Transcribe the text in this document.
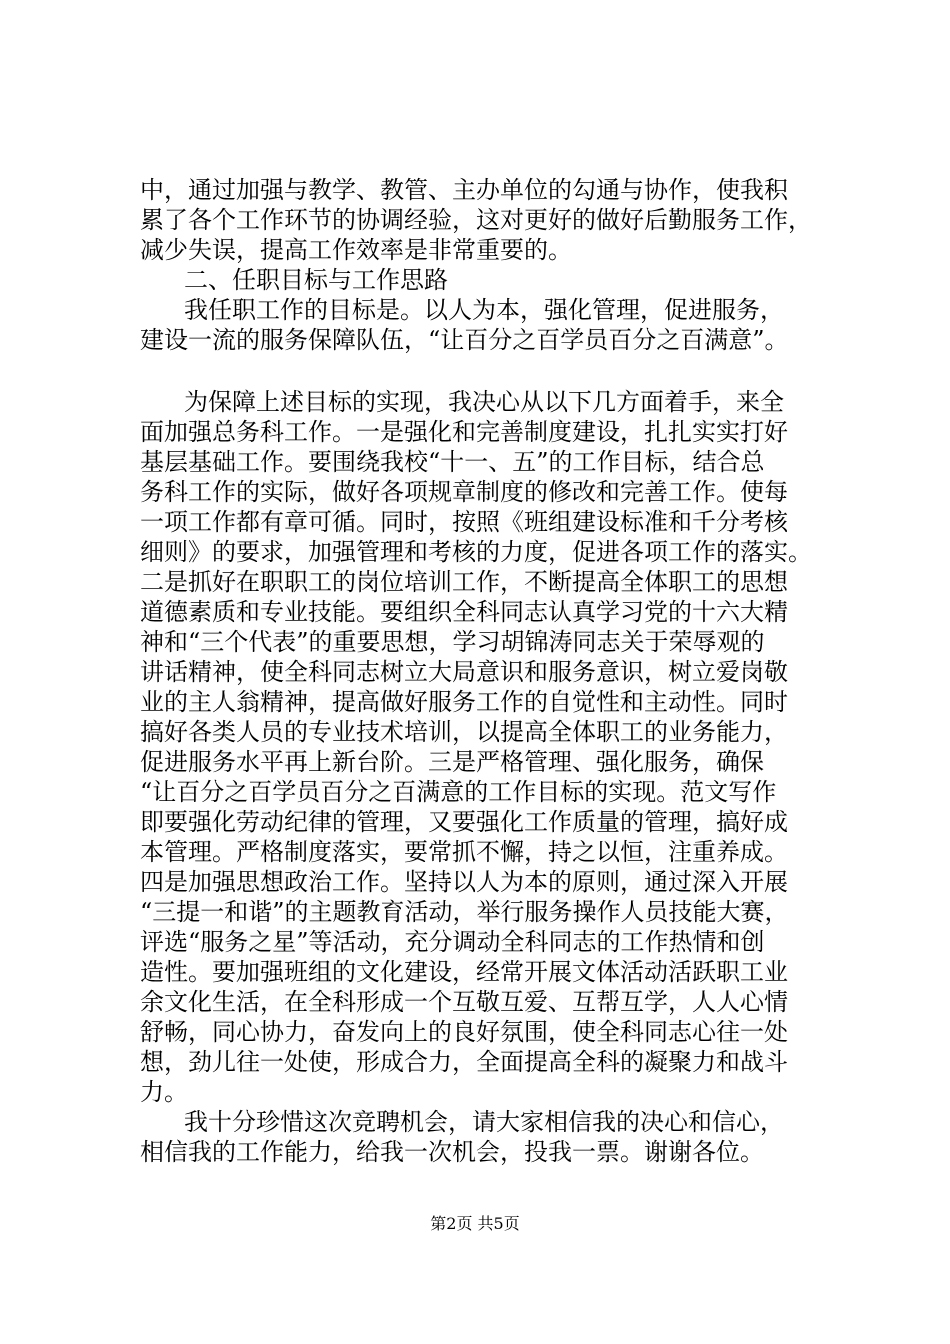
中，通过加强与教学、教管、主办单位的勾通与协作，使我积
累了各个工作环节的协调经验，这对更好的做好后勤服务工作，
减少失误，提高工作效率是非常重要的。
二、任职目标与工作思路
我任职工作的目标是。以人为本，强化管理，促进服务，
建设一流的服务保障队伍，“让百分之百学员百分之百满意”。
为保障上述目标的实现，我决心从以下几方面着手，来全
面加强总务科工作。一是强化和完善制度建设，扎扎实实打好
基层基础工作。要围绕我校“十一、五”的工作目标，结合总
务科工作的实际，做好各项规章制度的修改和完善工作。使每
一项工作都有章可循。同时，按照《班组建设标准和千分考核
细则》的要求，加强管理和考核的力度，促进各项工作的落实。
二是抓好在职职工的岗位培训工作，不断提高全体职工的思想
道德素质和专业技能。要组织全科同志认真学习党的十六大精
神和“三个代表”的重要思想，学习胡锦涛同志关于荣辱观的
讲话精神，使全科同志树立大局意识和服务意识，树立爱岗敬
业的主人翁精神，提高做好服务工作的自觉性和主动性。同时
搞好各类人员的专业技术培训，以提高全体职工的业务能力，
促进服务水平再上新台阶。三是严格管理、强化服务，确保
“让百分之百学员百分之百满意的工作目标的实现。范文写作
即要强化劳动纪律的管理，又要强化工作质量的管理，搞好成
本管理。严格制度落实，要常抓不懈，持之以恒，注重养成。
四是加强思想政治工作。坚持以人为本的原则，通过深入开展
“三提一和谐”的主题教育活动，举行服务操作人员技能大赛，
评选“服务之星”等活动，充分调动全科同志的工作热情和创
造性。要加强班组的文化建设，经常开展文体活动活跃职工业
余文化生活，在全科形成一个互敬互爱、互帮互学，人人心情
舒畅，同心协力，奋发向上的良好氛围，使全科同志心往一处
想，劲儿往一处使，形成合力，全面提高全科的凝聚力和战斗
力。
我十分珍惜这次竞聘机会，请大家相信我的决心和信心，
相信我的工作能力，给我一次机会，投我一票。谢谢各位。
第2页 共5页
